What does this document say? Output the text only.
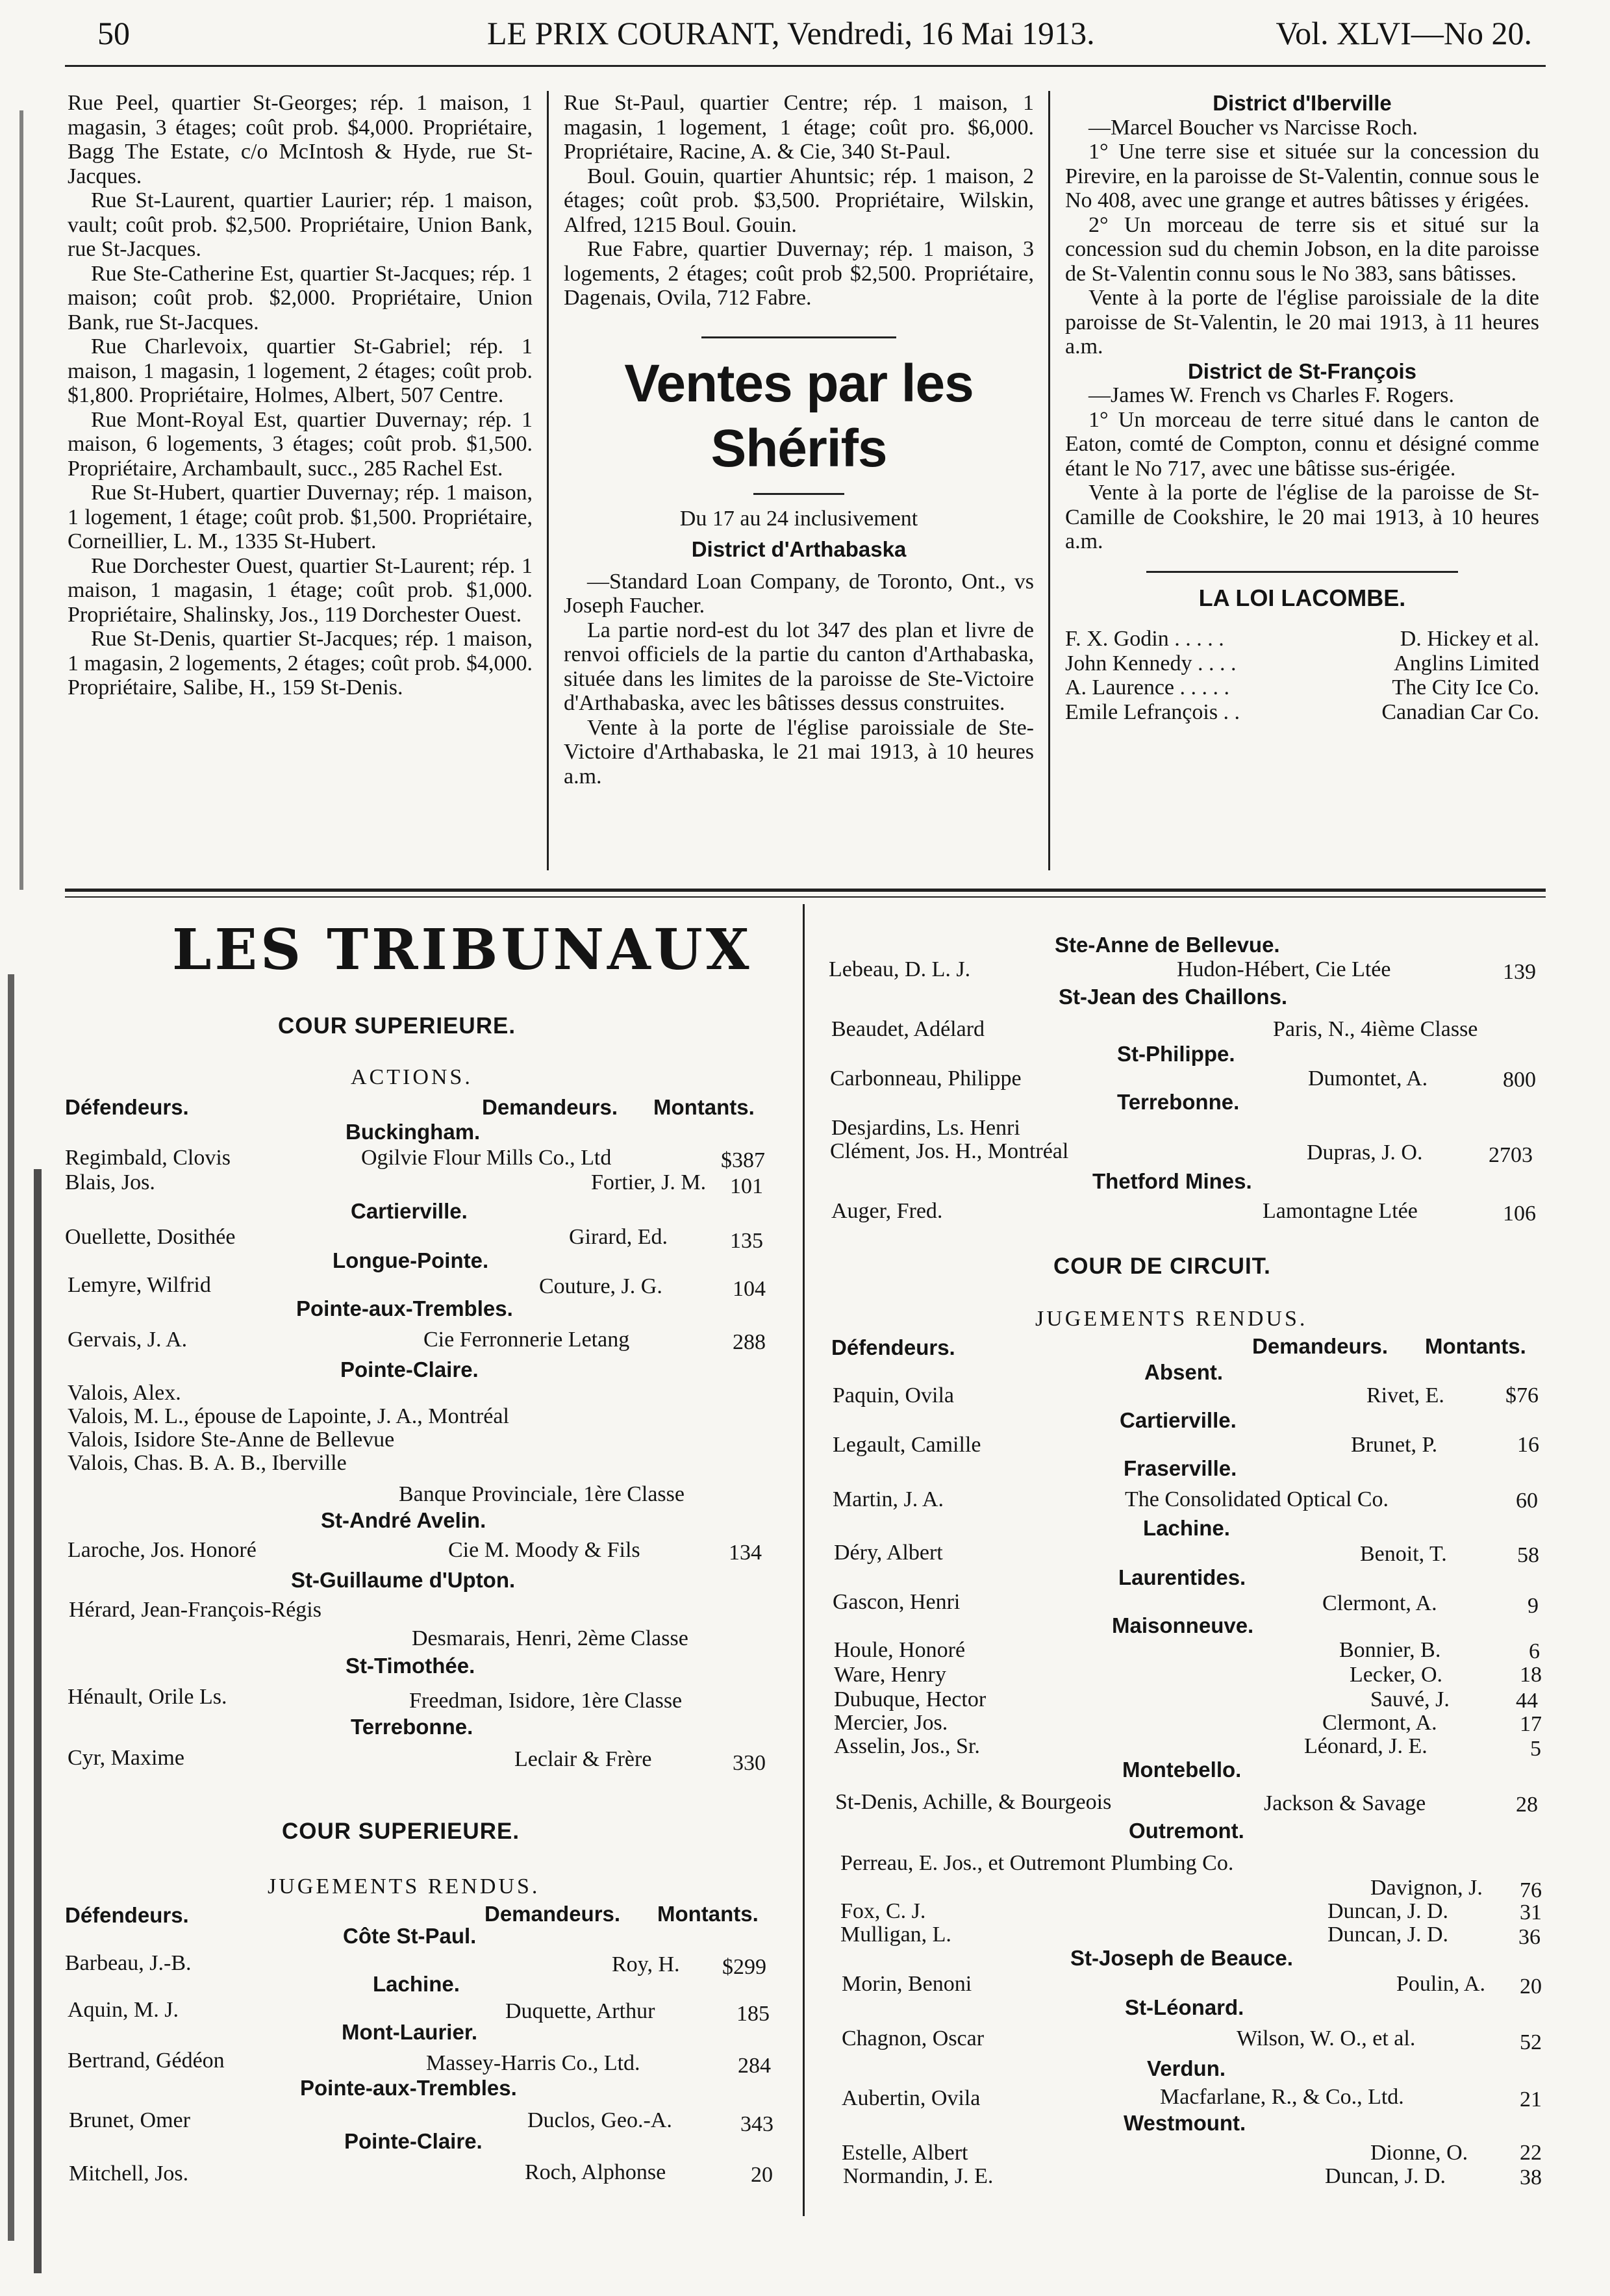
50	LE PRIX COURANT, Vendredi, 16 Mai 1913.	Vol. XLVI—No 20.

Rue Peel, quartier St-Georges; rép. 1 maison, 1 magasin, 3 étages; coût prob. $4,000. Propriétaire, Bagg The Estate, c/o McIntosh & Hyde, rue St-Jacques.

Rue St-Laurent, quartier Laurier; rép. 1 maison, vault; coût prob. $2,500. Propriétaire, Union Bank, rue St-Jacques.

Rue Ste-Catherine Est, quartier St-Jacques; rép. 1 maison; coût prob. $2,000. Propriétaire, Union Bank, rue St-Jacques.

Rue Charlevoix, quartier St-Gabriel; rép. 1 maison, 1 magasin, 1 logement, 2 étages; coût prob. $1,800. Propriétaire, Holmes, Albert, 507 Centre.

Rue Mont-Royal Est, quartier Duvernay; rép. 1 maison, 6 logements, 3 étages; coût prob. $1,500. Propriétaire, Archambault, succ., 285 Rachel Est.

Rue St-Hubert, quartier Duvernay; rép. 1 maison, 1 logement, 1 étage; coût prob. $1,500. Propriétaire, Corneillier, L. M., 1335 St-Hubert.

Rue Dorchester Ouest, quartier St-Laurent; rép. 1 maison, 1 magasin, 1 étage; coût prob. $1,000. Propriétaire, Shalinsky, Jos., 119 Dorchester Ouest.

Rue St-Denis, quartier St-Jacques; rép. 1 maison, 1 magasin, 2 logements, 2 étages; coût prob. $4,000. Propriétaire, Salibe, H., 159 St-Denis.

Rue St-Paul, quartier Centre; rép. 1 maison, 1 magasin, 1 logement, 1 étage; coût pro. $6,000. Propriétaire, Racine, A. & Cie, 340 St-Paul.

Boul. Gouin, quartier Ahuntsic; rép. 1 maison, 2 étages; coût prob. $3,500. Propriétaire, Wilskin, Alfred, 1215 Boul. Gouin.

Rue Fabre, quartier Duvernay; rép. 1 maison, 3 logements, 2 étages; coût prob $2,500. Propriétaire, Dagenais, Ovila, 712 Fabre.

Ventes par les Shérifs

Du 17 au 24 inclusivement

District d'Arthabaska

—Standard Loan Company, de Toronto, Ont., vs Joseph Faucher.

La partie nord-est du lot 347 des plan et livre de renvoi officiels de la partie du canton d'Arthabaska, située dans les limites de la paroisse de Ste-Victoire d'Arthabaska, avec les bâtisses dessus construites.

Vente à la porte de l'église paroissiale de Ste-Victoire d'Arthabaska, le 21 mai 1913, à 10 heures a.m.

District d'Iberville

—Marcel Boucher vs Narcisse Roch.

1° Une terre sise et située sur la concession du Pirevire, en la paroisse de St-Valentin, connue sous le No 408, avec une grange et autres bâtisses y érigées.

2° Un morceau de terre sis et situé sur la concession sud du chemin Jobson, en la dite paroisse de St-Valentin connu sous le No 383, sans bâtisses.

Vente à la porte de l'église paroissiale de la dite paroisse de St-Valentin, le 20 mai 1913, à 11 heures a.m.

District de St-François

—James W. French vs Charles F. Rogers.

1° Un morceau de terre situé dans le canton de Eaton, comté de Compton, connu et désigné comme étant le No 717, avec une bâtisse sus-érigée.

Vente à la porte de l'église de la paroisse de St-Camille de Cookshire, le 20 mai 1913, à 10 heures a.m.

LA LOI LACOMBE.
F. X. Godin . . . . .	D. Hickey et al.
John Kennedy . . . .	Anglins Limited
A. Laurence . . . . .	The City Ice Co.
Emile Lefrançois . .	Canadian Car Co.
LES TRIBUNAUX
COUR SUPERIEURE.
ACTIONS.
Défendeurs.	Demandeurs. Montants.
Buckingham.
Regimbald, Clovis	Ogilvie Flour Mills Co., Ltd	$387
Blais, Jos.	Fortier, J. M. 101
Cartierville.
Ouellette, Dosithée	Girard, Ed.	135
Longue-Pointe.
Lemyre, Wilfrid	Couture, J. G.	104
Pointe-aux-Trembles.
Gervais, J. A.	Cie Ferronnerie Letang	288
Pointe-Claire.
Valois, Alex.
Valois, M. L., épouse de Lapointe, J. A., Montréal
Valois, Isidore Ste-Anne de Bellevue
Valois, Chas. B. A. B., Iberville
Banque Provinciale, 1ère Classe
St-André Avelin.
Laroche, Jos. Honoré	Cie M. Moody & Fils	134
St-Guillaume d'Upton.
Hérard, Jean-François-Régis
Desmarais, Henri, 2ème Classe
St-Timothée.
Hénault, Orile Ls.	Freedman, Isidore, 1ère Classe
Terrebonne.
Cyr, Maxime	Leclair & Frère	330
COUR SUPERIEURE.
JUGEMENTS RENDUS.
Défendeurs.	Demandeurs. Montants.
Côte St-Paul.
Barbeau, J.-B.	Roy, H. $299
Lachine.
Aquin, M. J.	Duquette, Arthur	185
Mont-Laurier.
Bertrand, Gédéon	Massey-Harris Co., Ltd.	284
Pointe-aux-Trembles.
Brunet, Omer	Duclos, Geo.-A.	343
Pointe-Claire.
Mitchell, Jos.	Roch, Alphonse	20
Ste-Anne de Bellevue.
Lebeau, D. L. J.	Hudon-Hébert, Cie Ltée	139
St-Jean des Chaillons.
Beaudet, Adélard	Paris, N., 4ième Classe
St-Philippe.
Carbonneau, Philippe	Dumontet, A.	800
Terrebonne.
Desjardins, Ls. Henri
Clément, Jos. H., Montréal	Dupras, J. O.	2703
Thetford Mines.
Auger, Fred.	Lamontagne Ltée	106
COUR DE CIRCUIT.
JUGEMENTS RENDUS.
Défendeurs.	Demandeurs. Montants.
Absent.
Paquin, Ovila	Rivet, E.	$76
Cartierville.
Legault, Camille	Brunet, P.	16
Fraserville.
Martin, J. A.	The Consolidated Optical Co.	60
Lachine.
Déry, Albert	Benoit, T.	58
Laurentides.
Gascon, Henri	Clermont, A.	9
Maisonneuve.
Houle, Honoré	Bonnier, B.	6
Ware, Henry	Lecker, O.	18
Dubuque, Hector	Sauvé, J.	44
Mercier, Jos.	Clermont, A.	17
Asselin, Jos., Sr.	Léonard, J. E.	5
Montebello.
St-Denis, Achille, & Bourgeois	Jackson & Savage	28
Outremont.
Perreau, E. Jos., et Outremont Plumbing Co.
Davignon, J. 76
Fox, C. J.	Duncan, J. D.	31
Mulligan, L.	Duncan, J. D.	36
St-Joseph de Beauce.
Morin, Benoni	Poulin, A. 20
St-Léonard.
Chagnon, Oscar	Wilson, W. O., et al.	52
Verdun.
Aubertin, Ovila	Macfarlane, R., & Co., Ltd.	21
Westmount.
Estelle, Albert	Dionne, O. 22
Normandin, J. E.	Duncan, J. D.	38
